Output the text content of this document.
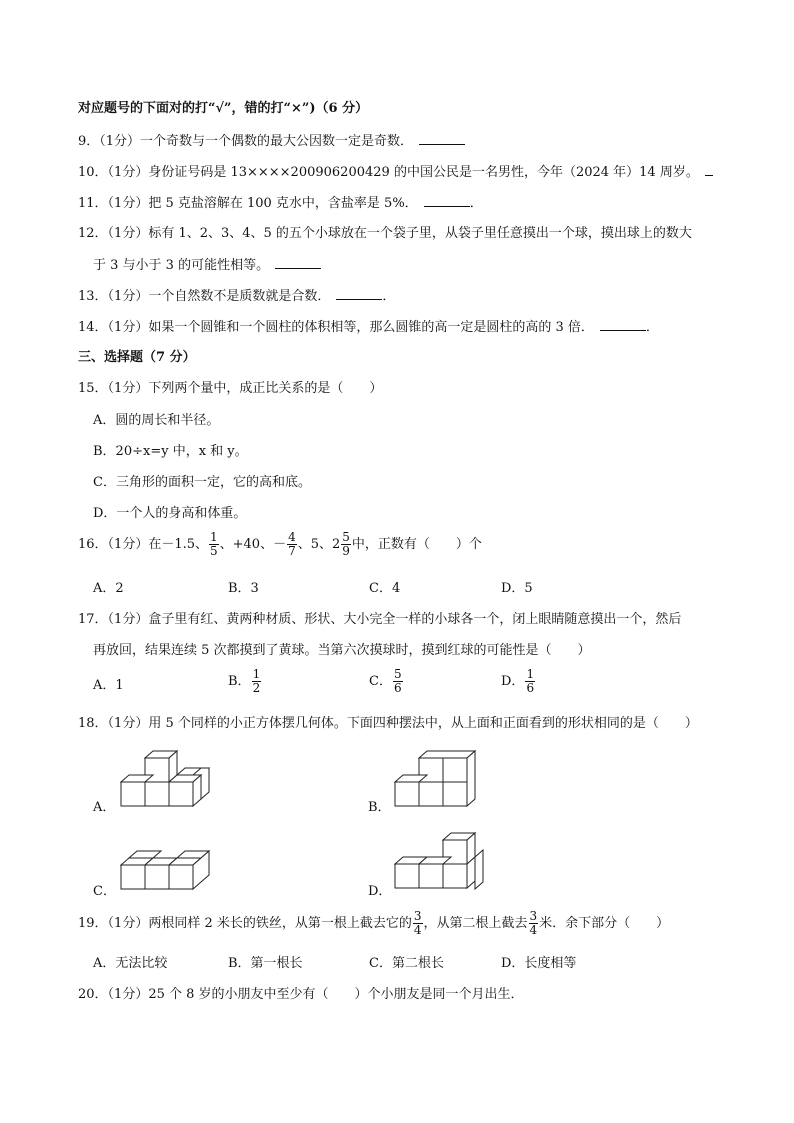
对应题号的下面对的打“√”，错的打“×”)（6 分）
9．（1分）一个奇数与一个偶数的最大公因数一定是奇数．
10．（1分）身份证号码是 13××××200906200429 的中国公民是一名男性，今年（2024 年）14 周岁。
11．（1分）把 5 克盐溶解在 100 克水中，含盐率是 5%．	．
12．（1分）标有 1、2、3、4、5 的五个小球放在一个袋子里，从袋子里任意摸出一个球，摸出球上的数大
于 3 与小于 3 的可能性相等。
13．（1分）一个自然数不是质数就是合数．	．
14．（1分）如果一个圆锥和一个圆柱的体积相等，那么圆锥的高一定是圆柱的高的 3 倍．	．
三、选择题（7 分）
15．（1分）下列两个量中，成正比关系的是（　　）
A．圆的周长和半径。
B．20÷x=y 中，x 和 y。
C．三角形的面积一定，它的高和底。
D．一个人的身高和体重。
16．（1分）在－1.5、 $\frac{1}{5}$ 、+40、－ $\frac{4}{7}$ 、5、$2 \frac{5}{9}$ 中，正数有（　　）个
A．2	B．3	C．4	D．5
17．（1分）盒子里有红、黄两种材质、形状、大小完全一样的小球各一个，闭上眼睛随意摸出一个，然后
再放回，结果连续 5 次都摸到了黄球。当第六次摸球时，摸到红球的可能性是（　　）
A．1	B． $\frac{1}{2}$	C． $\frac{5}{6}$	D． $\frac{1}{6}$
18．（1分）用 5 个同样的小正方体摆几何体。下面四种摆法中，从上面和正面看到的形状相同的是（　　）
A．	B．
C．	D．
19．（1分）两根同样 2 米长的铁丝，从第一根上截去它的 $\frac{3}{4}$ ，从第二根上截去 $\frac{3}{4}$ 米．余下部分（　　）
A．无法比较	B．第一根长	C．第二根长	D．长度相等
20．（1分）25 个 8 岁的小朋友中至少有（　　）个小朋友是同一个月出生．
